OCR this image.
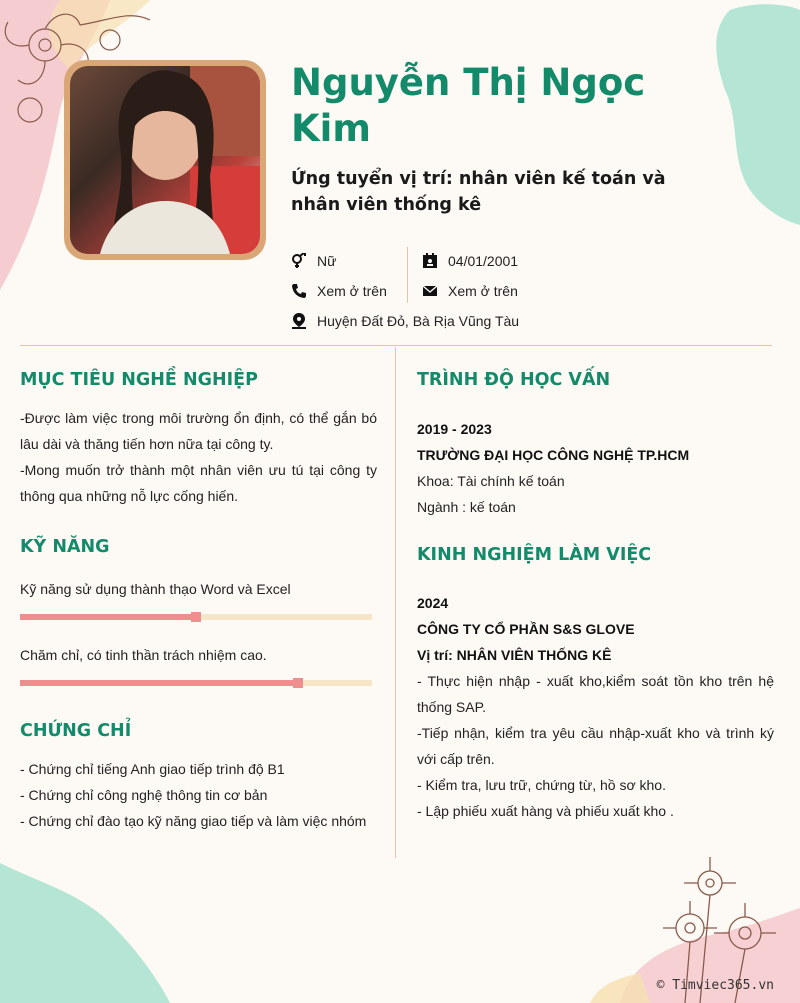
Nguyễn Thị Ngọc Kim
Ứng tuyển vị trí: nhân viên kế toán và nhân viên thống kê
Nữ	04/01/2001
Xem ở trên	Xem ở trên
Huyện Đất Đỏ, Bà Rịa Vũng Tàu
MỤC TIÊU NGHỀ NGHIỆP
-Được làm việc trong môi trường ổn định, có thể gắn bó lâu dài và thăng tiến hơn nữa tại công ty.
-Mong muốn trở thành một nhân viên ưu tú tại công ty thông qua những nỗ lực cống hiến.
KỸ NĂNG
Kỹ năng sử dụng thành thạo Word và Excel
Chăm chỉ, có tinh thần trách nhiệm cao.
CHỨNG CHỈ
- Chứng chỉ tiếng Anh giao tiếp trình độ B1
- Chứng chỉ công nghệ thông tin cơ bản
- Chứng chỉ đào tạo kỹ năng giao tiếp và làm việc nhóm
TRÌNH ĐỘ HỌC VẤN
2019 - 2023
TRƯỜNG ĐẠI HỌC CÔNG NGHỆ TP.HCM
Khoa: Tài chính kế toán
Ngành : kế toán
KINH NGHIỆM LÀM VIỆC
2024
CÔNG TY CỔ PHẦN S&S GLOVE
Vị trí: NHÂN VIÊN THỐNG KÊ
- Thực hiện nhập - xuất kho,kiểm soát tồn kho trên hệ thống SAP.
-Tiếp nhận, kiểm tra yêu cầu nhập-xuất kho và trình ký với cấp trên.
- Kiểm tra, lưu trữ, chứng từ, hồ sơ kho.
- Lập phiếu xuất hàng và phiếu xuất kho .
© Timviec365.vn
